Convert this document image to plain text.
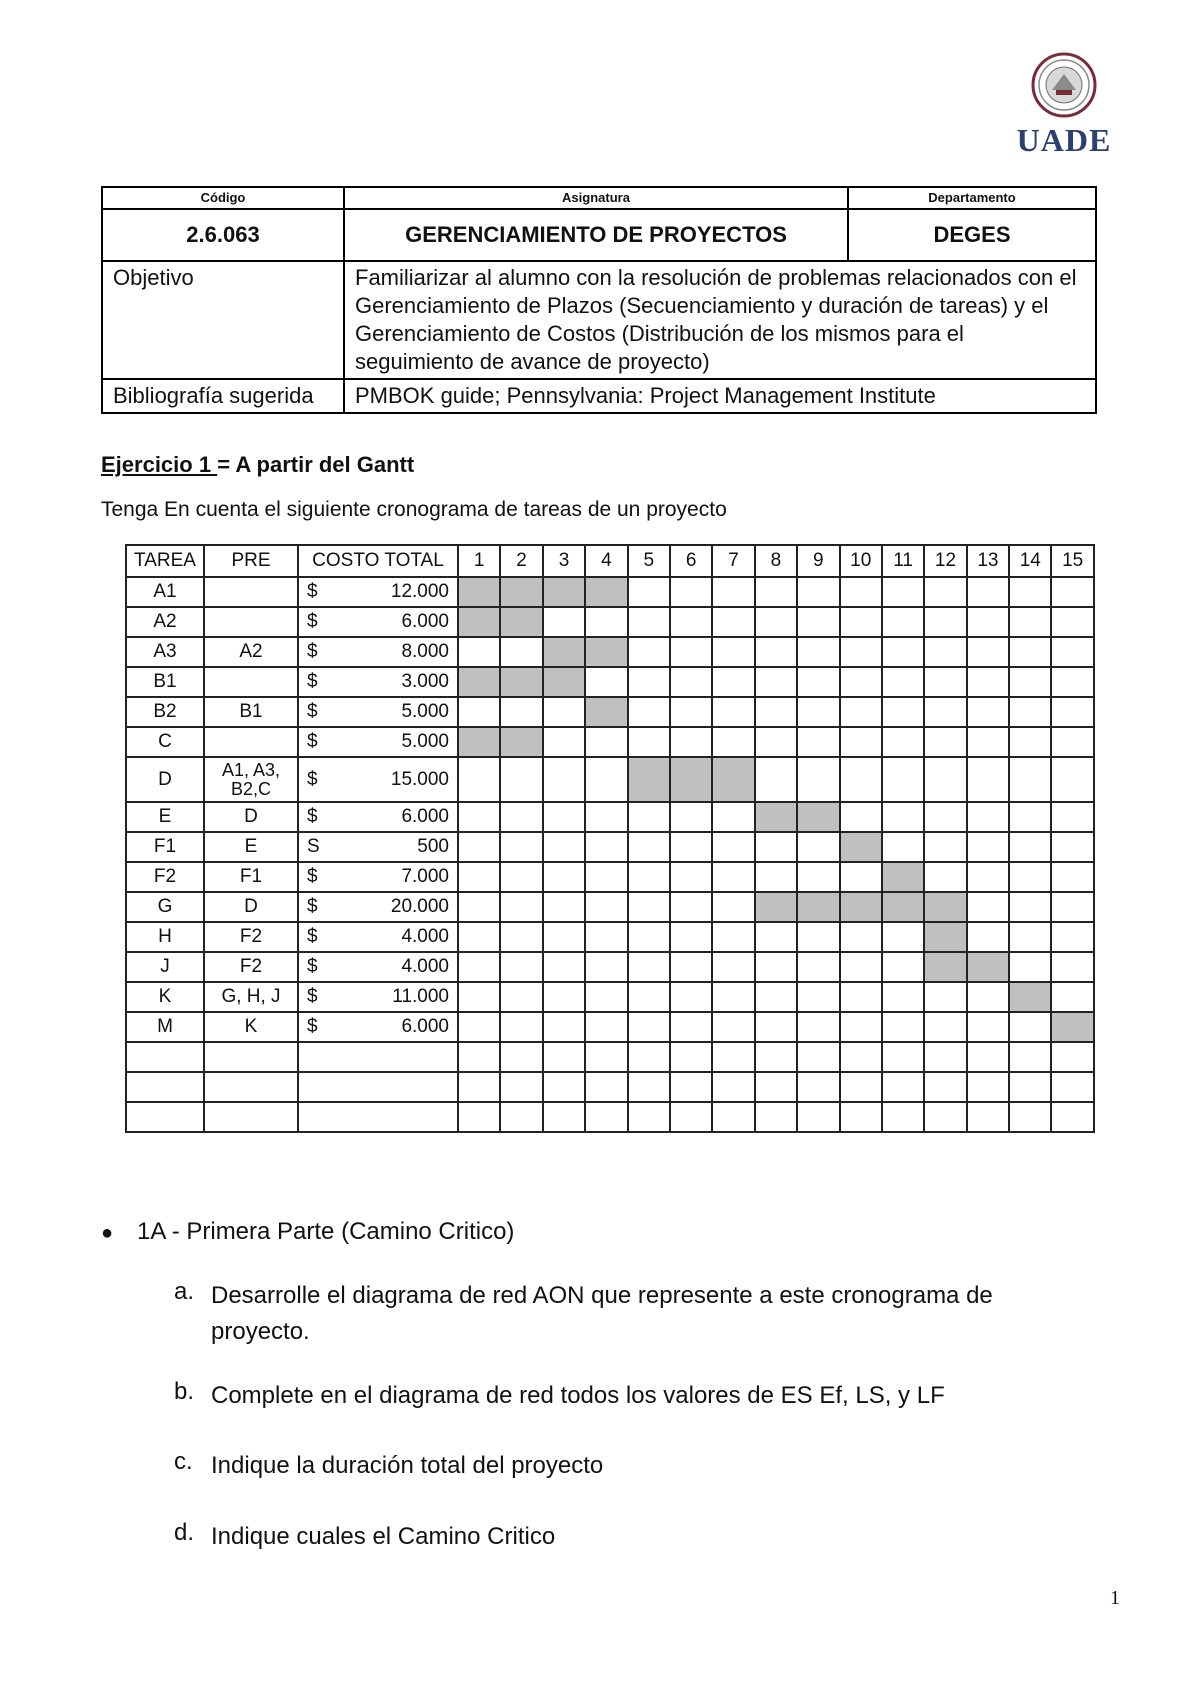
UADE
Código	Asignatura	Departamento
2.6.063	GERENCIAMIENTO DE PROYECTOS	DEGES
Objetivo	Familiarizar al alumno con la resolución de problemas relacionados con el Gerenciamiento de Plazos (Secuenciamiento y duración de tareas) y el Gerenciamiento de Costos (Distribución de los mismos para el seguimiento de avance de proyecto)	
Bibliografía sugerida	PMBOK guide; Pennsylvania: Project Management Institute	
Ejercicio 1 = A partir del Gantt
Tenga En cuenta el siguiente cronograma de tareas de un proyecto
TAREA	PRE	COSTO TOTAL	1	2	3	4	5	6	7	8	9	10	11	12	13	14	15
A1		$ 12.000															

A2		$ 6.000															

A3	A2	$ 8.000															

B1		$ 3.000															

B2	B1	$ 5.000															

C		$ 5.000															

D	A1, A3, B2,C	$ 15.000															

E	D	$ 6.000															

F1	E	S 500															

F2	F1	$ 7.000															

G	D	$ 20.000															

H	F2	$ 4.000															

J	F2	$ 4.000															

K	G, H, J	$ 11.000															

M	K	$ 6.000															

● 1A - Primera Parte (Camino Critico)
a. Desarrolle el diagrama de red AON que represente a este cronograma de proyecto.
b. Complete en el diagrama de red todos los valores de ES Ef, LS, y LF
c. Indique la duración total del proyecto
d. Indique cuales el Camino Critico
1
